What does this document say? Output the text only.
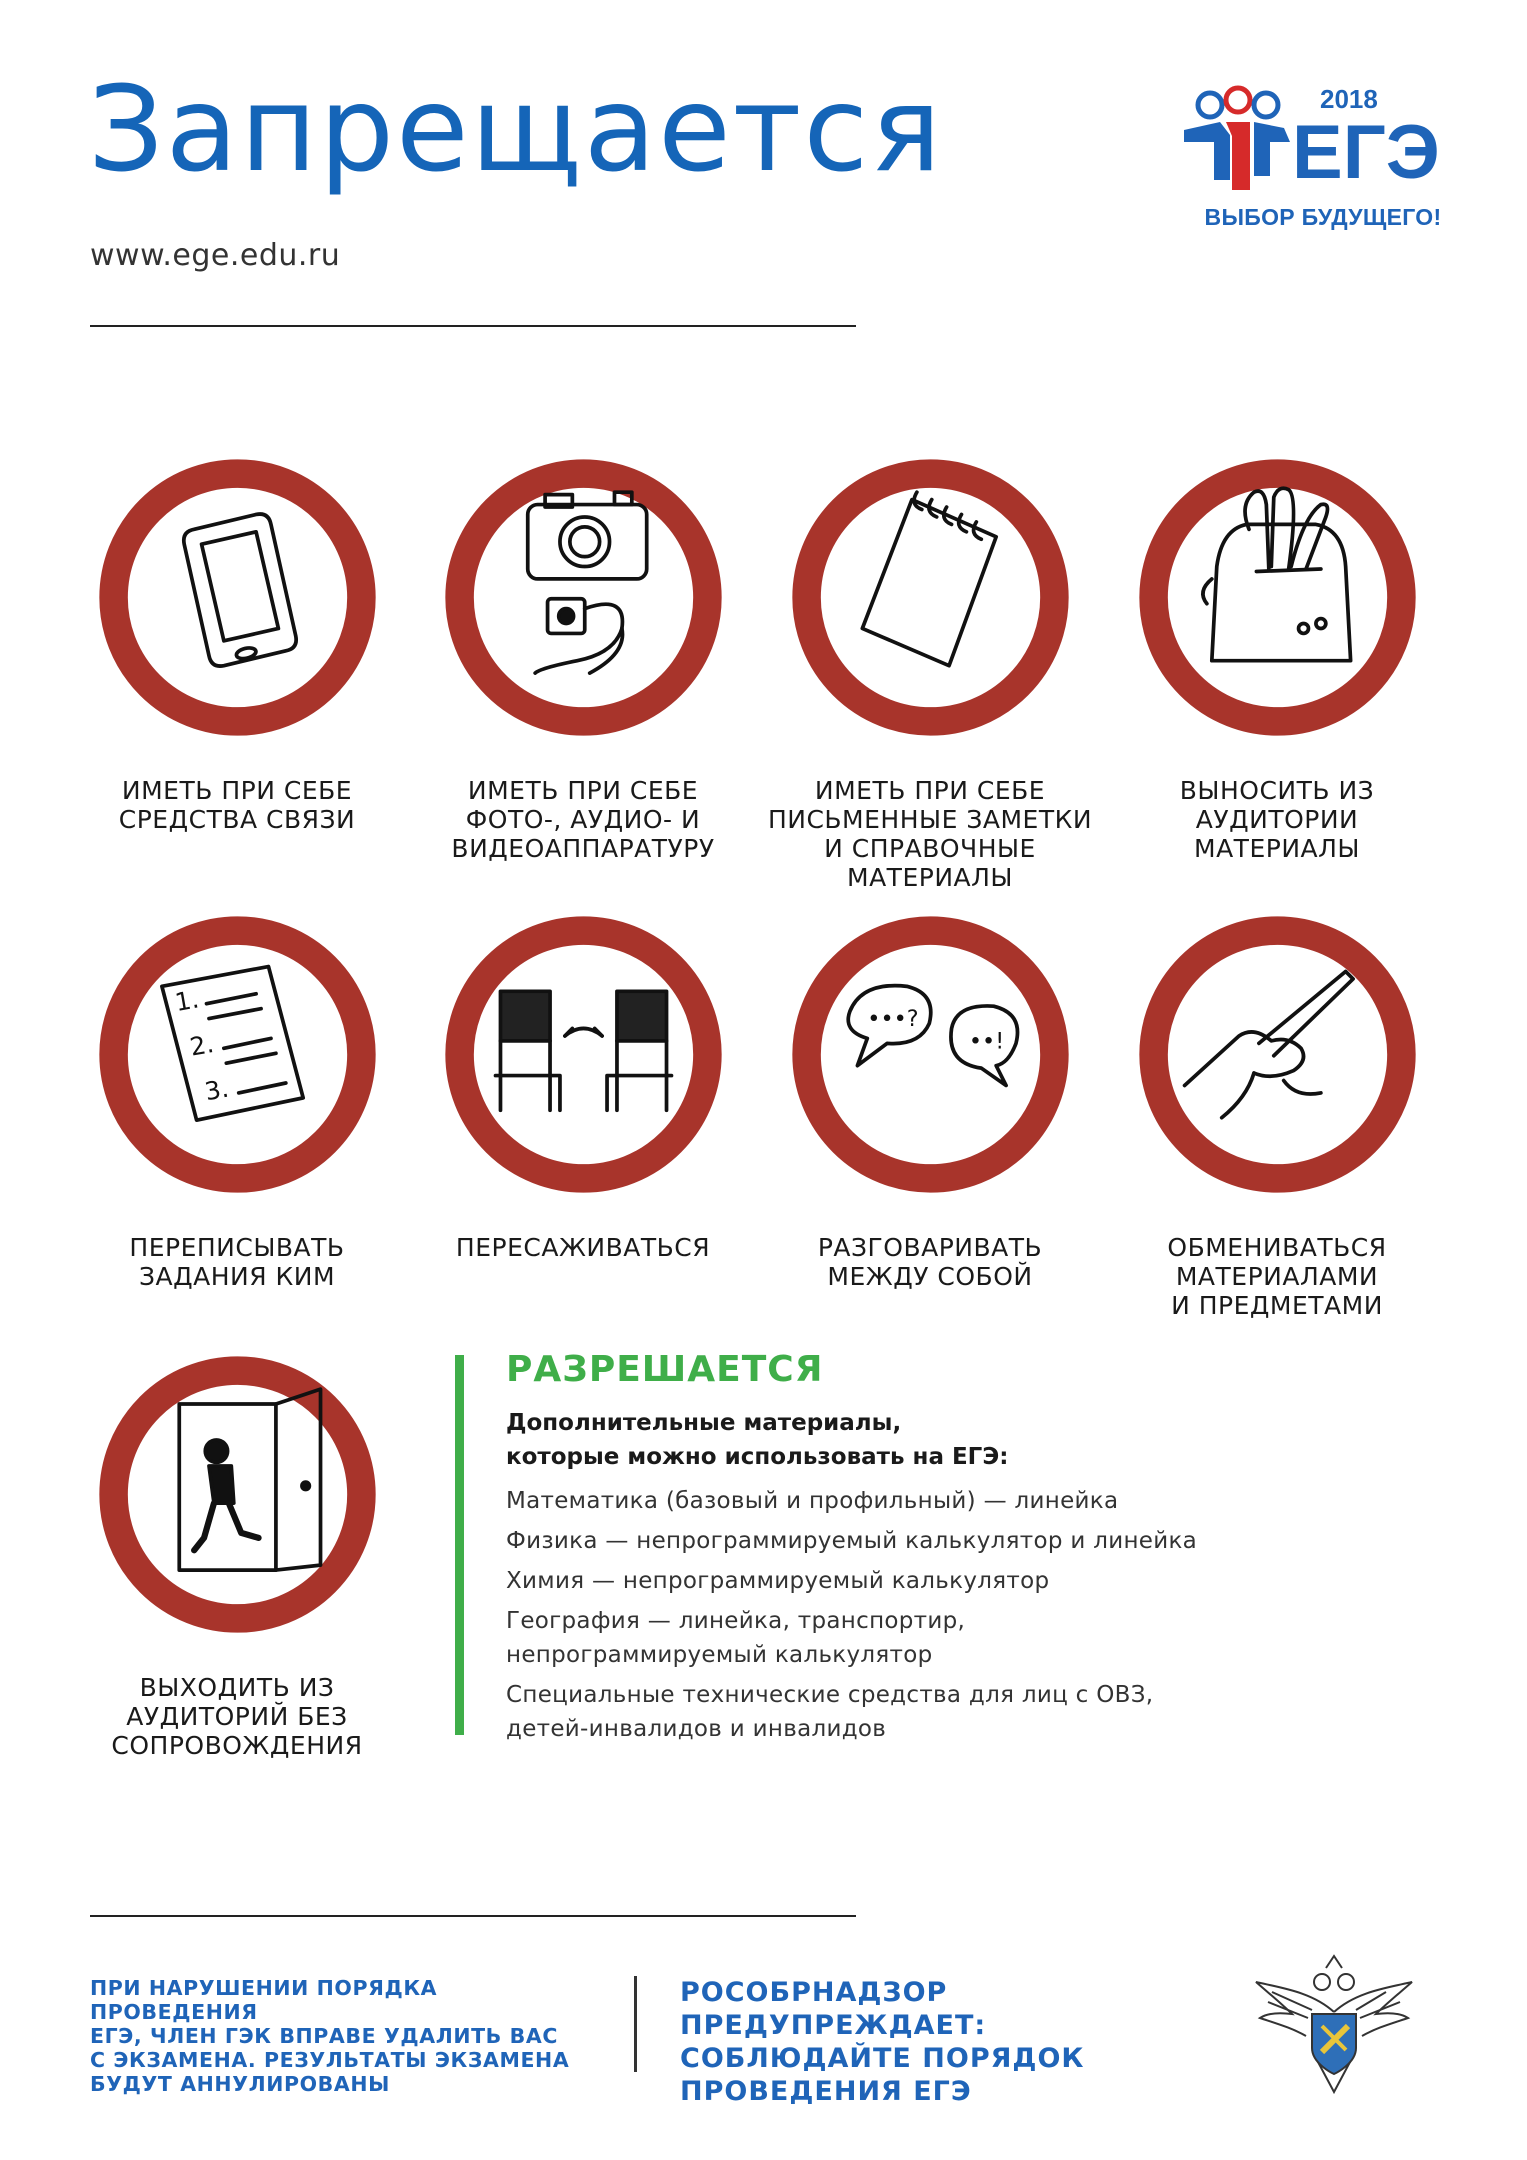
Запрещается
www.ege.edu.ru
2018
ЕГЭ
ВЫБОР БУДУЩЕГО!
ИМЕТЬ ПРИ СЕБЕ
СРЕДСТВА СВЯЗИ
ИМЕТЬ ПРИ СЕБЕ
ФОТО-, АУДИО- И
ВИДЕОАППАРАТУРУ
ИМЕТЬ ПРИ СЕБЕ
ПИСЬМЕННЫЕ ЗАМЕТКИ
И СПРАВОЧНЫЕ
МАТЕРИАЛЫ
ВЫНОСИТЬ ИЗ
АУДИТОРИИ
МАТЕРИАЛЫ
1.
2.
3.
ПЕРЕПИСЫВАТЬ
ЗАДАНИЯ КИМ
ПЕРЕСАЖИВАТЬСЯ
•••?
••!
РАЗГОВАРИВАТЬ
МЕЖДУ СОБОЙ
ОБМЕНИВАТЬСЯ
МАТЕРИАЛАМИ
И ПРЕДМЕТАМИ
ВЫХОДИТЬ ИЗ
АУДИТОРИЙ БЕЗ
СОПРОВОЖДЕНИЯ
РАЗРЕШАЕТСЯ
Дополнительные материалы,
которые можно использовать на ЕГЭ:
Математика (базовый и профильный) — линейка
Физика — непрограммируемый калькулятор и линейка
Химия — непрограммируемый калькулятор
География — линейка, транспортир,
непрограммируемый калькулятор
Специальные технические средства для лиц с ОВЗ,
детей-инвалидов и инвалидов
ПРИ НАРУШЕНИИ ПОРЯДКА ПРОВЕДЕНИЯ
ЕГЭ, ЧЛЕН ГЭК ВПРАВЕ УДАЛИТЬ ВАС
С ЭКЗАМЕНА. РЕЗУЛЬТАТЫ ЭКЗАМЕНА
БУДУТ АННУЛИРОВАНЫ
РОСОБРНАДЗОР ПРЕДУПРЕЖДАЕТ:
СОБЛЮДАЙТЕ ПОРЯДОК
ПРОВЕДЕНИЯ ЕГЭ
